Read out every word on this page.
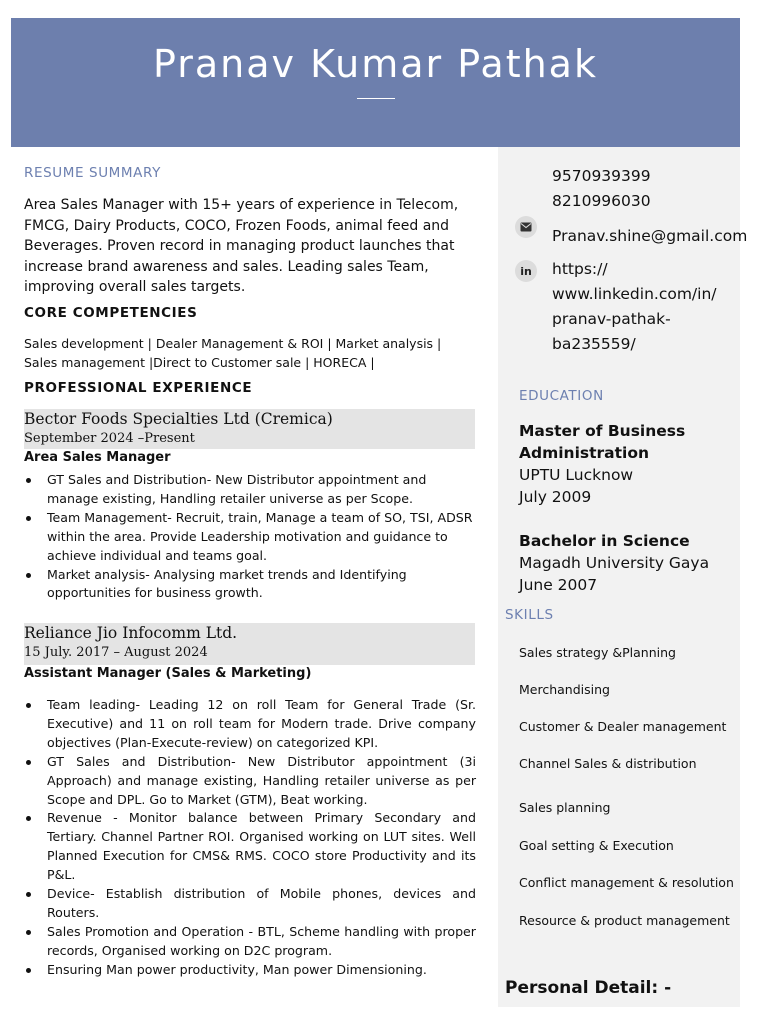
Pranav Kumar Pathak
RESUME SUMMARY
Area Sales Manager with 15+ years of experience in Telecom, FMCG, Dairy Products, COCO, Frozen Foods, animal feed and Beverages. Proven record in managing product launches that increase brand awareness and sales. Leading sales Team, improving overall sales targets.
CORE COMPETENCIES
Sales development | Dealer Management & ROI | Market analysis | Sales management |Direct to Customer sale | HORECA |
PROFESSIONAL EXPERIENCE
Bector Foods Specialties Ltd (Cremica)
September 2024 –Present
Area Sales Manager
GT Sales and Distribution- New Distributor appointment and manage existing, Handling retailer universe as per Scope.
Team Management- Recruit, train, Manage a team of SO, TSI, ADSR within the area. Provide Leadership motivation and guidance to achieve individual and teams goal.
Market analysis- Analysing market trends and Identifying opportunities for business growth.
Reliance Jio Infocomm Ltd.
15 July. 2017 – August 2024
Assistant Manager (Sales & Marketing)
Team leading- Leading 12 on roll Team for General Trade (Sr. Executive) and 11 on roll team for Modern trade. Drive company objectives (Plan-Execute-review) on categorized KPI.
GT Sales and Distribution- New Distributor appointment (3i Approach) and manage existing, Handling retailer universe as per Scope and DPL. Go to Market (GTM), Beat working.
Revenue - Monitor balance between Primary Secondary and Tertiary. Channel Partner ROI. Organised working on LUT sites. Well Planned Execution for CMS& RMS. COCO store Productivity and its P&L.
Device- Establish distribution of Mobile phones, devices and Routers.
Sales Promotion and Operation - BTL, Scheme handling with proper records, Organised working on D2C program.
Ensuring Man power productivity, Man power Dimensioning.
9570939399
8210996030
Pranav.shine@gmail.com
in https://
www.linkedin.com/in/
pranav-pathak-
ba235559/
EDUCATION
Master of Business
Administration
UPTU Lucknow
July 2009
Bachelor in Science
Magadh University Gaya
June 2007
SKILLS
Sales strategy &Planning
Merchandising
Customer & Dealer management
Channel Sales & distribution
Sales planning
Goal setting & Execution
Conflict management & resolution
Resource & product management
Personal Detail: -
